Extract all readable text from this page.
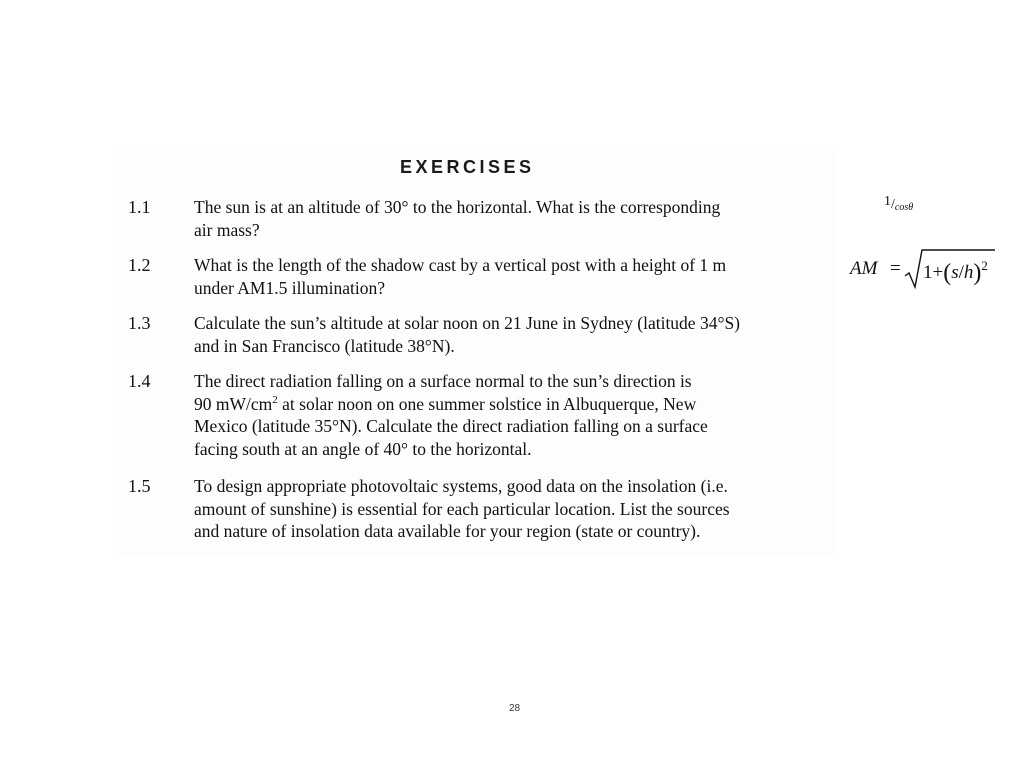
EXERCISES
1.1 The sun is at an altitude of 30° to the horizontal. What is the corresponding
air mass?
1.2 What is the length of the shadow cast by a vertical post with a height of 1 m
under AM1.5 illumination?
1.3 Calculate the sun’s altitude at solar noon on 21 June in Sydney (latitude 34°S)
and in San Francisco (latitude 38°N).
1.4 The direct radiation falling on a surface normal to the sun’s direction is
90 $mW/cm^2$ at solar noon on one summer solstice in Albuquerque, New
Mexico (latitude 35°N). Calculate the direct radiation falling on a surface
facing south at an angle of 40° to the horizontal.
1.5 To design appropriate photovoltaic systems, good data on the insolation (i.e.
amount of sunshine) is essential for each particular location. List the sources
and nature of insolation data available for your region (state or country).
1/cosθ
AM = $1+(s/h)^2$
28
